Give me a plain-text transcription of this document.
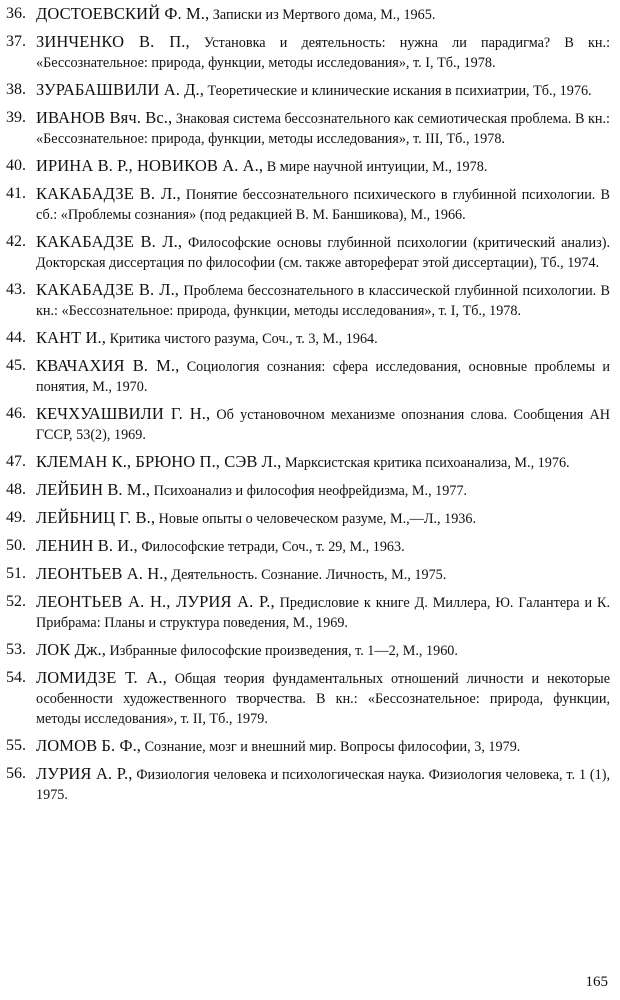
36. ДОСТОЕВСКИЙ Ф. М., Записки из Мертвого дома, М., 1965.
37. ЗИНЧЕНКО В. П., Установка и деятельность: нужна ли парадигма? В кн.: «Бессознательное: природа, функции, методы исследования», т. I, Тб., 1978.
38. ЗУРАБАШВИЛИ А. Д., Теоретические и клинические искания в психиатрии, Тб., 1976.
39. ИВАНОВ Вяч. Вс., Знаковая система бессознательного как семиотическая проблема. В кн.: «Бессознательное: природа, функции, методы исследования», т. III, Тб., 1978.
40. ИРИНА В. Р., НОВИКОВ А. А., В мире научной интуиции, М., 1978.
41. КАКАБАДЗЕ В. Л., Понятие бессознательного психического в глубинной психологии. В сб.: «Проблемы сознания» (под редакцией В. М. Баншикова), М., 1966.
42. КАКАБАДЗЕ В. Л., Философские основы глубинной психологии (критический анализ). Докторская диссертация по философии (см. также автореферат этой диссертации), Тб., 1974.
43. КАКАБАДЗЕ В. Л., Проблема бессознательного в классической глубинной психологии. В кн.: «Бессознательное: природа, функции, методы исследования», т. I, Тб., 1978.
44. КАНТ И., Критика чистого разума, Соч., т. 3, М., 1964.
45. КВАЧАХИЯ В. М., Социология сознания: сфера исследования, основные проблемы и понятия, М., 1970.
46. КЕЧХУАШВИЛИ Г. Н., Об установочном механизме опознания слова. Сообщения АН ГССР, 53(2), 1969.
47. КЛЕМАН К., БРЮНО П., СЭВ Л., Марксистская критика психоанализа, М., 1976.
48. ЛЕЙБИН В. М., Психоанализ и философия неофрейдизма, М., 1977.
49. ЛЕЙБНИЦ Г. В., Новые опыты о человеческом разуме, М.,—Л., 1936.
50. ЛЕНИН В. И., Философские тетради, Соч., т. 29, М., 1963.
51. ЛЕОНТЬЕВ А. Н., Деятельность. Сознание. Личность, М., 1975.
52. ЛЕОНТЬЕВ А. Н., ЛУРИЯ А. Р., Предисловие к книге Д. Миллера, Ю. Галантера и К. Прибрама: Планы и структура поведения, М., 1969.
53. ЛОК Дж., Избранные философские произведения, т. 1—2, М., 1960.
54. ЛОМИДЗЕ Т. А., Общая теория фундаментальных отношений личности и некоторые особенности художественного творчества. В кн.: «Бессознательное: природа, функции, методы исследования», т. II, Тб., 1979.
55. ЛОМОВ Б. Ф., Сознание, мозг и внешний мир. Вопросы философии, 3, 1979.
56. ЛУРИЯ А. Р., Физиология человека и психологическая наука. Физиология человека, т. 1 (1), 1975.
165
